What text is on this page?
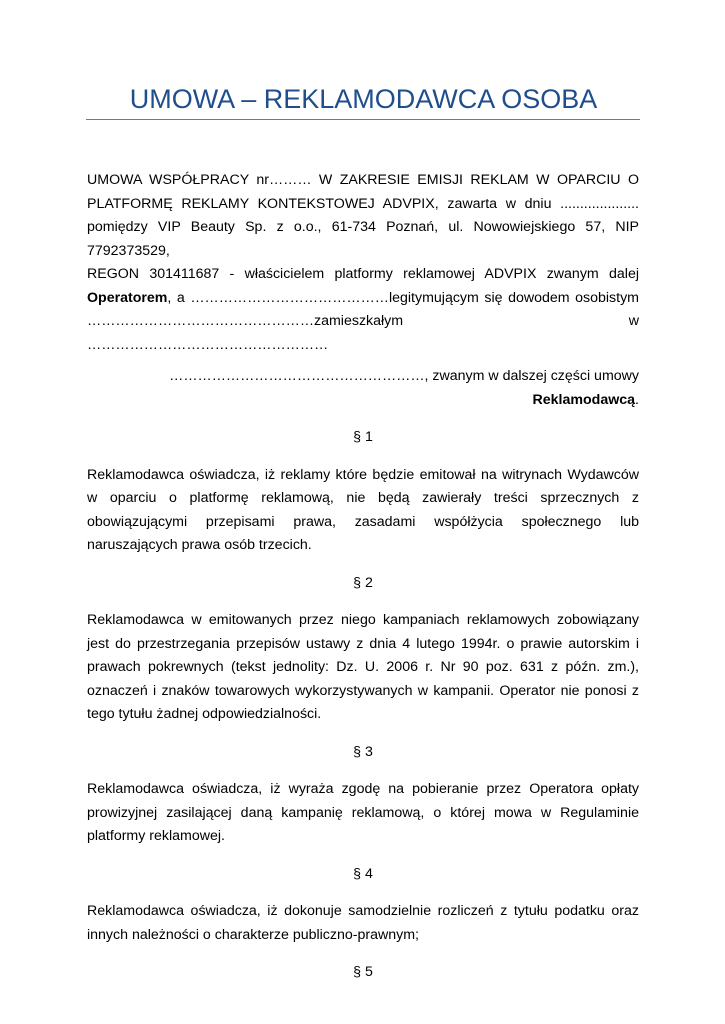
UMOWA – REKLAMODAWCA OSOBA

UMOWA WSPÓŁPRACY nr……… W ZAKRESIE EMISJI REKLAM W OPARCIU O

PLATFORMĘ REKLAMY KONTEKSTOWEJ ADVPIX, zawarta w dniu ....................

pomiędzy VIP Beauty Sp. z o.o., 61-734 Poznań, ul. Nowowiejskiego 57, NIP 7792373529,

REGON 301411687 - właścicielem platformy reklamowej ADVPIX zwanym dalej

Operatorem, a ……………………………………legitymującym się dowodem osobistym

…………………………………………zamieszkałym w ……………………………………………

………………………………………………, zwanym w dalszej części umowy Reklamodawcą.

§ 1

Reklamodawca oświadcza, iż reklamy które będzie emitował na witrynach Wydawców w oparciu o platformę reklamową, nie będą zawierały treści sprzecznych z obowiązującymi przepisami prawa, zasadami współżycia społecznego lub naruszających prawa osób trzecich.

§ 2

Reklamodawca w emitowanych przez niego kampaniach reklamowych zobowiązany jest do przestrzegania przepisów ustawy z dnia 4 lutego 1994r. o prawie autorskim i prawach pokrewnych (tekst jednolity: Dz. U. 2006 r. Nr 90 poz. 631 z późn. zm.), oznaczeń i znaków towarowych wykorzystywanych w kampanii. Operator nie ponosi z tego tytułu żadnej odpowiedzialności.

§ 3

Reklamodawca oświadcza, iż wyraża zgodę na pobieranie przez Operatora opłaty prowizyjnej zasilającej daną kampanię reklamową, o której mowa w Regulaminie platformy reklamowej.

§ 4

Reklamodawca oświadcza, iż dokonuje samodzielnie rozliczeń z tytułu podatku oraz innych należności o charakterze publiczno-prawnym;

§ 5
